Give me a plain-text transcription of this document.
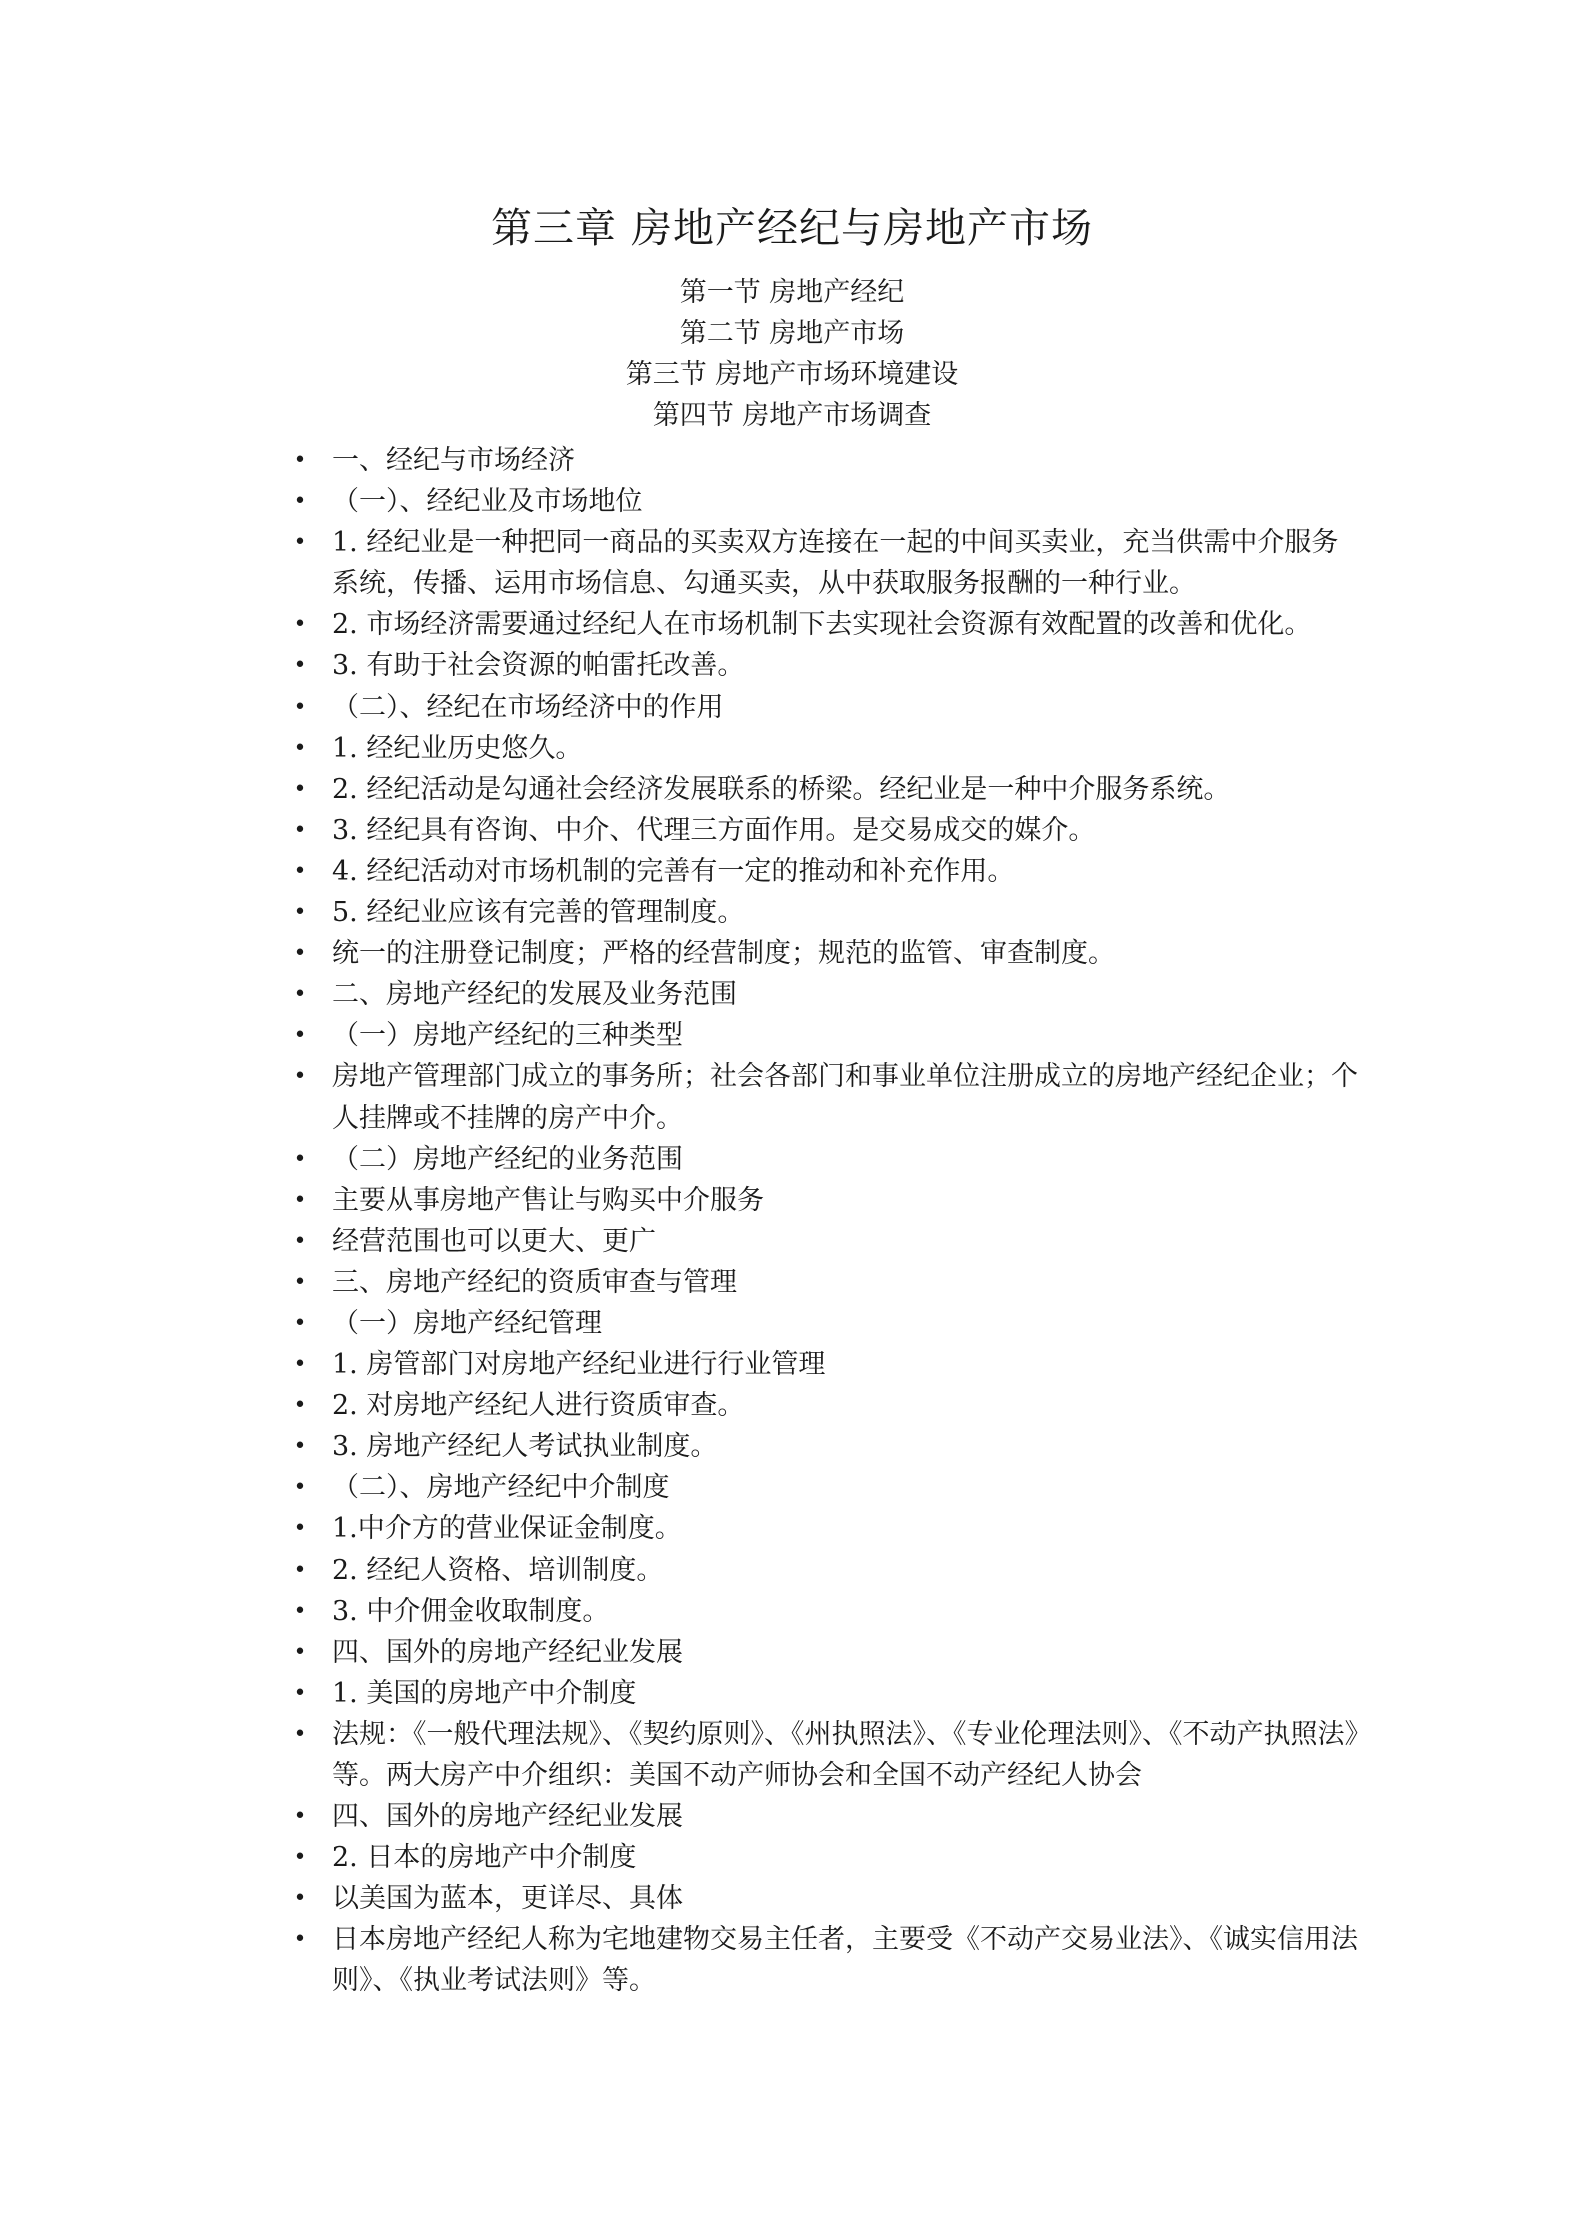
第三章 房地产经纪与房地产市场
第一节 房地产经纪
第二节 房地产市场
第三节 房地产市场环境建设
第四节 房地产市场调查
• 一、经纪与市场经济
• （一）、经纪业及市场地位
• 1. 经纪业是一种把同一商品的买卖双方连接在一起的中间买卖业，充当供需中介服务系统，传播、运用市场信息、勾通买卖，从中获取服务报酬的一种行业。
• 2. 市场经济需要通过经纪人在市场机制下去实现社会资源有效配置的改善和优化。
• 3. 有助于社会资源的帕雷托改善。
• （二）、经纪在市场经济中的作用
• 1. 经纪业历史悠久。
• 2. 经纪活动是勾通社会经济发展联系的桥梁。经纪业是一种中介服务系统。
• 3. 经纪具有咨询、中介、代理三方面作用。是交易成交的媒介。
• 4. 经纪活动对市场机制的完善有一定的推动和补充作用。
• 5. 经纪业应该有完善的管理制度。
• 统一的注册登记制度；严格的经营制度；规范的监管、审查制度。
• 二、房地产经纪的发展及业务范围
• （一）房地产经纪的三种类型
• 房地产管理部门成立的事务所；社会各部门和事业单位注册成立的房地产经纪企业；个人挂牌或不挂牌的房产中介。
• （二）房地产经纪的业务范围
• 主要从事房地产售让与购买中介服务
• 经营范围也可以更大、更广
• 三、房地产经纪的资质审查与管理
• （一）房地产经纪管理
• 1. 房管部门对房地产经纪业进行行业管理
• 2. 对房地产经纪人进行资质审查。
• 3. 房地产经纪人考试执业制度。
• （二）、房地产经纪中介制度
• 1.中介方的营业保证金制度。
• 2. 经纪人资格、培训制度。
• 3. 中介佣金收取制度。
• 四、国外的房地产经纪业发展
• 1. 美国的房地产中介制度
• 法规：《一般代理法规》、《契约原则》、《州执照法》、《专业伦理法则》、《不动产执照法》等。两大房产中介组织：美国不动产师协会和全国不动产经纪人协会
• 四、国外的房地产经纪业发展
• 2. 日本的房地产中介制度
• 以美国为蓝本，更详尽、具体
• 日本房地产经纪人称为宅地建物交易主任者，主要受《不动产交易业法》、《诚实信用法则》、《执业考试法则》等。
